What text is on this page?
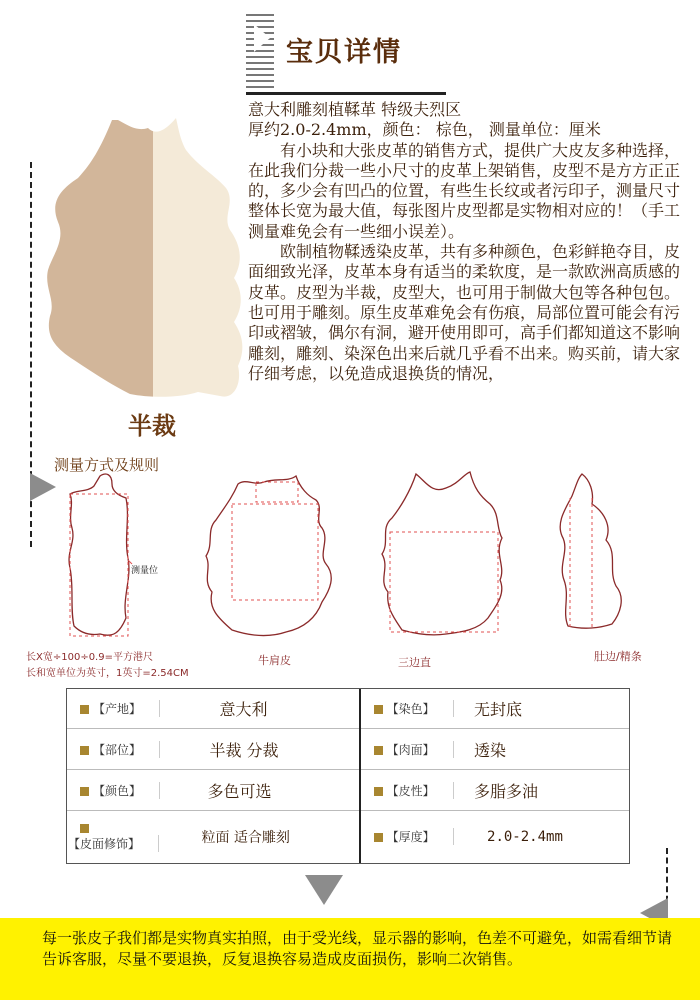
宝贝详情
半裁

意大利雕刻植鞣革 特级夫烈区

厚约2.0-2.4mm，颜色： 棕色， 测量单位：厘米

有小块和大张皮革的销售方式，提供广大皮友多种选择，在此我们分裁一些小尺寸的皮革上架销售，皮型不是方方正正的，多少会有凹凸的位置，有些生长纹或者污印子，测量尺寸整体长宽为最大值，每张图片皮型都是实物相对应的！（手工测量难免会有一些细小误差）。

欧制植物鞣透染皮革，共有多种颜色，色彩鲜艳夺目，皮面细致光泽，皮革本身有适当的柔软度，是一款欧洲高质感的皮革。皮型为半裁，皮型大，也可用于制做大包等各种包包。也可用于雕刻。原生皮革难免会有伤痕，局部位置可能会有污印或褶皱，偶尔有洞，避开使用即可，高手们都知道这不影响雕刻，雕刻、染深色出来后就几乎看不出来。购买前，请大家仔细考虑，以免造成退换货的情况，

测量方式及规则
测量位
长X宽÷100÷0.9=平方港尺
长和宽单位为英寸，1英寸=2.54CM
牛肩皮	三边直	肚边/精条
【产地】	意大利		【染色】	无封底
【部位】	半裁 分裁		【肉面】	透染
【颜色】	多色可选		【皮性】	多脂多油
【皮面修饰】	粒面 适合雕刻		【厚度】	2.0-2.4mm
每一张皮子我们都是实物真实拍照，由于受光线，显示器的影响，色差不可避免，如需看细节请告诉客服，尽量不要退换，反复退换容易造成皮面损伤，影响二次销售。
